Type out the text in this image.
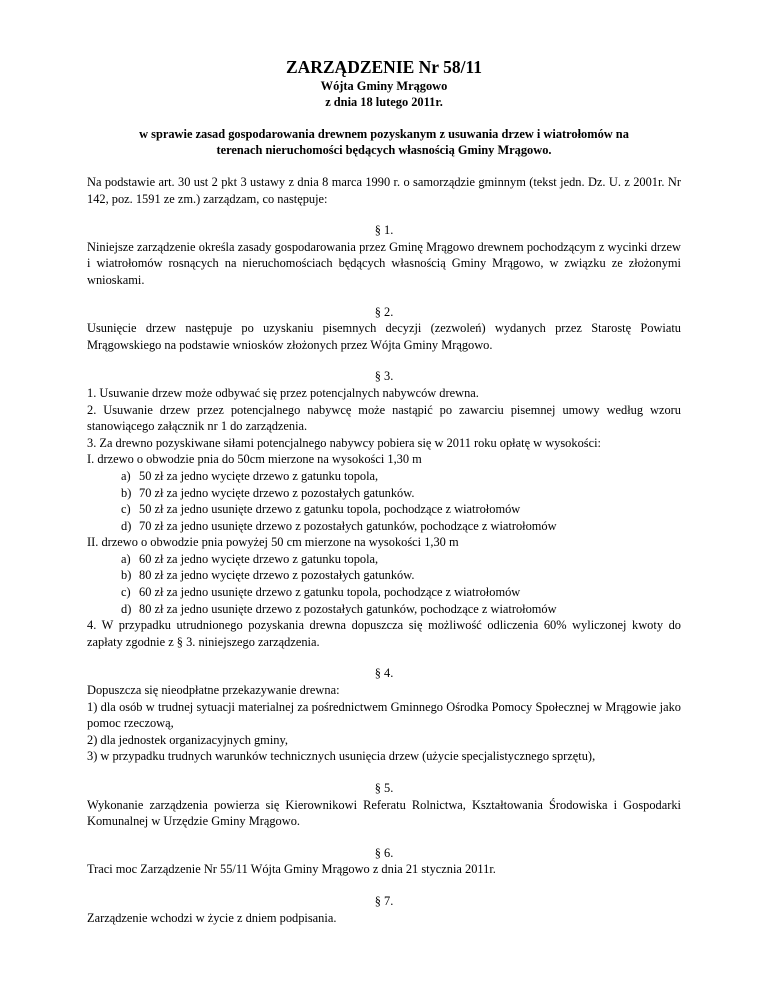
ZARZĄDZENIE Nr 58/11
Wójta Gminy Mrągowo
z dnia 18 lutego 2011r.
w sprawie zasad gospodarowania drewnem pozyskanym z usuwania drzew i wiatrołomów na
terenach nieruchomości będących własnością Gminy Mrągowo.
Na podstawie art. 30 ust 2 pkt 3 ustawy z dnia 8 marca 1990 r. o samorządzie gminnym (tekst jedn. Dz. U. z 2001r. Nr 142, poz. 1591 ze zm.) zarządzam, co następuje:
§ 1.
Niniejsze zarządzenie określa zasady gospodarowania przez Gminę Mrągowo drewnem pochodzącym z wycinki drzew i wiatrołomów rosnących na nieruchomościach będących własnością Gminy Mrągowo, w związku ze złożonymi wnioskami.
§ 2.
Usunięcie drzew następuje po uzyskaniu pisemnych decyzji (zezwoleń) wydanych przez Starostę Powiatu Mrągowskiego na podstawie wniosków złożonych przez Wójta Gminy Mrągowo.
§ 3.
1. Usuwanie drzew może odbywać się przez potencjalnych nabywców drewna.
2. Usuwanie drzew przez potencjalnego nabywcę może nastąpić po zawarciu pisemnej umowy według wzoru stanowiącego załącznik nr 1 do zarządzenia.
3. Za drewno pozyskiwane siłami potencjalnego nabywcy pobiera się w 2011 roku opłatę w wysokości:
I. drzewo o obwodzie pnia do 50cm mierzone na wysokości 1,30 m
a) 50 zł za jedno wycięte drzewo z gatunku topola,
b) 70 zł za jedno wycięte drzewo z pozostałych gatunków.
c) 50 zł za jedno usunięte drzewo z gatunku topola, pochodzące z wiatrołomów
d) 70 zł za jedno usunięte drzewo z pozostałych gatunków, pochodzące z wiatrołomów
II. drzewo o obwodzie pnia powyżej 50 cm mierzone na wysokości 1,30 m
a) 60 zł za jedno wycięte drzewo z gatunku topola,
b) 80 zł za jedno wycięte drzewo z pozostałych gatunków.
c) 60 zł za jedno usunięte drzewo z gatunku topola, pochodzące z wiatrołomów
d) 80 zł za jedno usunięte drzewo z pozostałych gatunków, pochodzące z wiatrołomów
4. W przypadku utrudnionego pozyskania drewna dopuszcza się możliwość odliczenia 60% wyliczonej kwoty do zapłaty zgodnie z § 3. niniejszego zarządzenia.
§ 4.
Dopuszcza się nieodpłatne przekazywanie drewna:
1) dla osób w trudnej sytuacji materialnej za pośrednictwem Gminnego Ośrodka Pomocy Społecznej w Mrągowie jako pomoc rzeczową,
2) dla jednostek organizacyjnych gminy,
3) w przypadku trudnych warunków technicznych usunięcia drzew (użycie specjalistycznego sprzętu),
§ 5.
Wykonanie zarządzenia powierza się Kierownikowi Referatu Rolnictwa, Kształtowania Środowiska i Gospodarki Komunalnej w Urzędzie Gminy Mrągowo.
§ 6.
Traci moc Zarządzenie Nr 55/11 Wójta Gminy Mrągowo z dnia 21 stycznia 2011r.
§ 7.
Zarządzenie wchodzi w życie z dniem podpisania.
